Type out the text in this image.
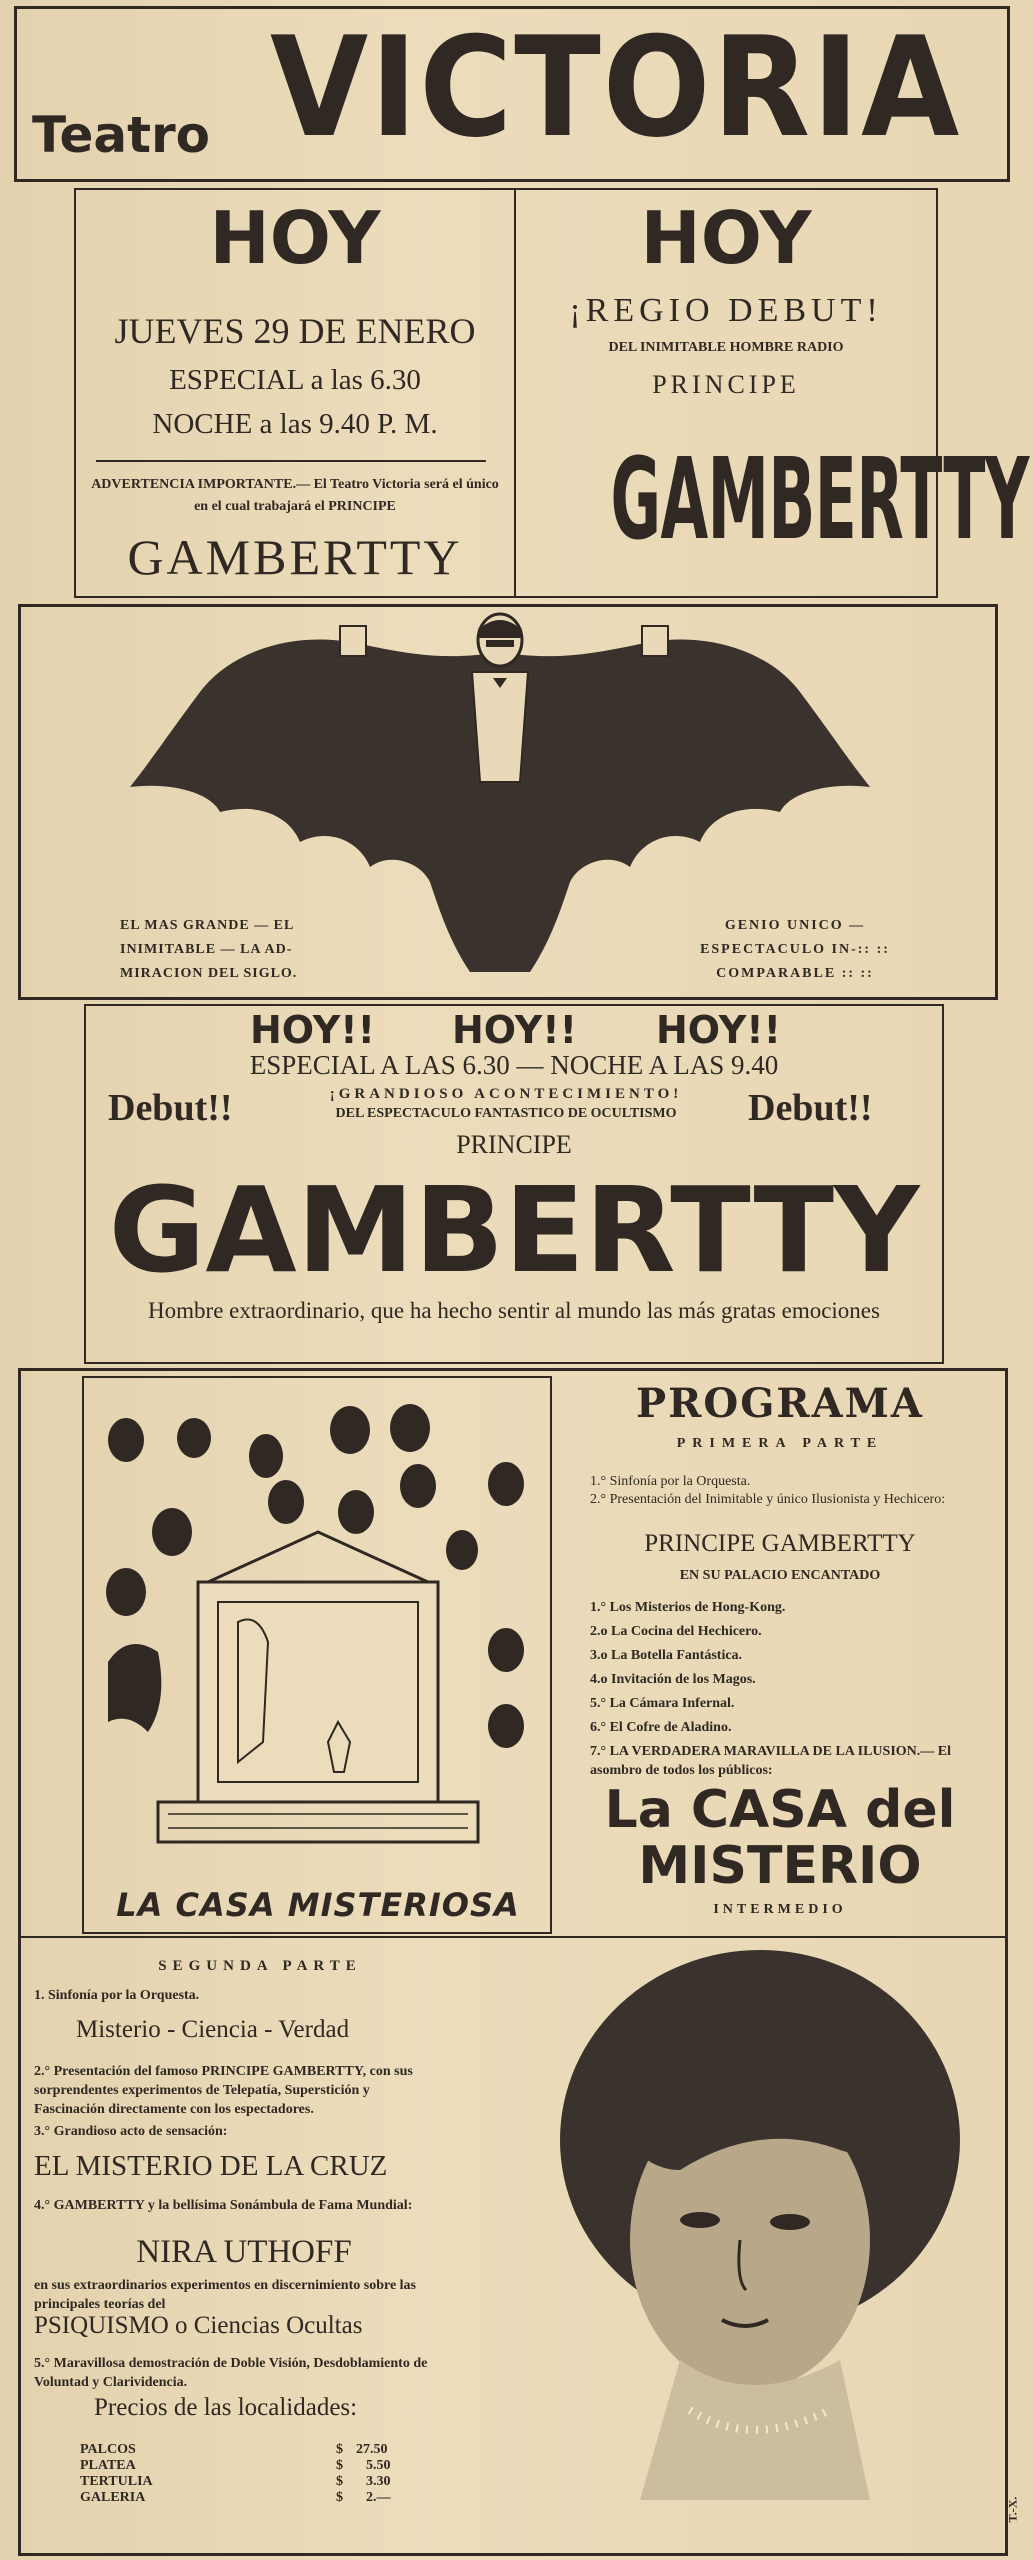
Teatro VICTORIA
HOY
JUEVES 29 DE ENERO
ESPECIAL a las 6.30
NOCHE a las 9.40 P. M.
ADVERTENCIA IMPORTANTE.— El Teatro Victoria será el único en el cual trabajará el PRINCIPE
GAMBERTTY
HOY
¡REGIO DEBUT!
DEL INIMITABLE HOMBRE RADIO
PRINCIPE
GAMBERTTY
EL MAS GRANDE — EL INIMITABLE — LA AD-MIRACION DEL SIGLO.
GENIO UNICO — ESPECTACULO IN-:: :: COMPARABLE :: ::
HOY!! HOY!! HOY!!
ESPECIAL A LAS 6.30 — NOCHE A LAS 9.40
Debut!!	Debut!!
¡GRANDIOSO ACONTECIMIENTO!
DEL ESPECTACULO FANTASTICO DE OCULTISMO
PRINCIPE
GAMBERTTY
Hombre extraordinario, que ha hecho sentir al mundo las más gratas emociones
LA CASA MISTERIOSA
PROGRAMA
PRIMERA PARTE
1.° Sinfonía por la Orquesta.
2.° Presentación del Inimitable y único Ilusionista y Hechicero:
PRINCIPE GAMBERTTY
EN SU PALACIO ENCANTADO
1.° Los Misterios de Hong-Kong.
2.o La Cocina del Hechicero.
3.o La Botella Fantástica.
4.o Invitación de los Magos.
5.° La Cámara Infernal.
6.° El Cofre de Aladino.
7.° LA VERDADERA MARAVILLA DE LA ILUSION.— El asombro de todos los públicos:
La CASA del
MISTERIO
INTERMEDIO
SEGUNDA PARTE
1. Sinfonía por la Orquesta.
Misterio - Ciencia - Verdad
2.° Presentación del famoso PRINCIPE GAMBERTTY, con sus sorprendentes experimentos de Telepatía, Superstición y Fascinación directamente con los espectadores.
3.° Grandioso acto de sensación:
EL MISTERIO DE LA CRUZ
4.° GAMBERTTY y la bellísima Sonámbula de Fama Mundial:
NIRA UTHOFF
en sus extraordinarios experimentos en discernimiento sobre las principales teorías del
PSIQUISMO o Ciencias Ocultas
5.° Maravillosa demostración de Doble Visión, Desdoblamiento de Voluntad y Clarividencia.
Precios de las localidades:
PALCOS	$ 27.50
PLATEA	$ 5.50
TERTULIA	$ 3.30
GALERIA	$ 2.—	T.-X.
